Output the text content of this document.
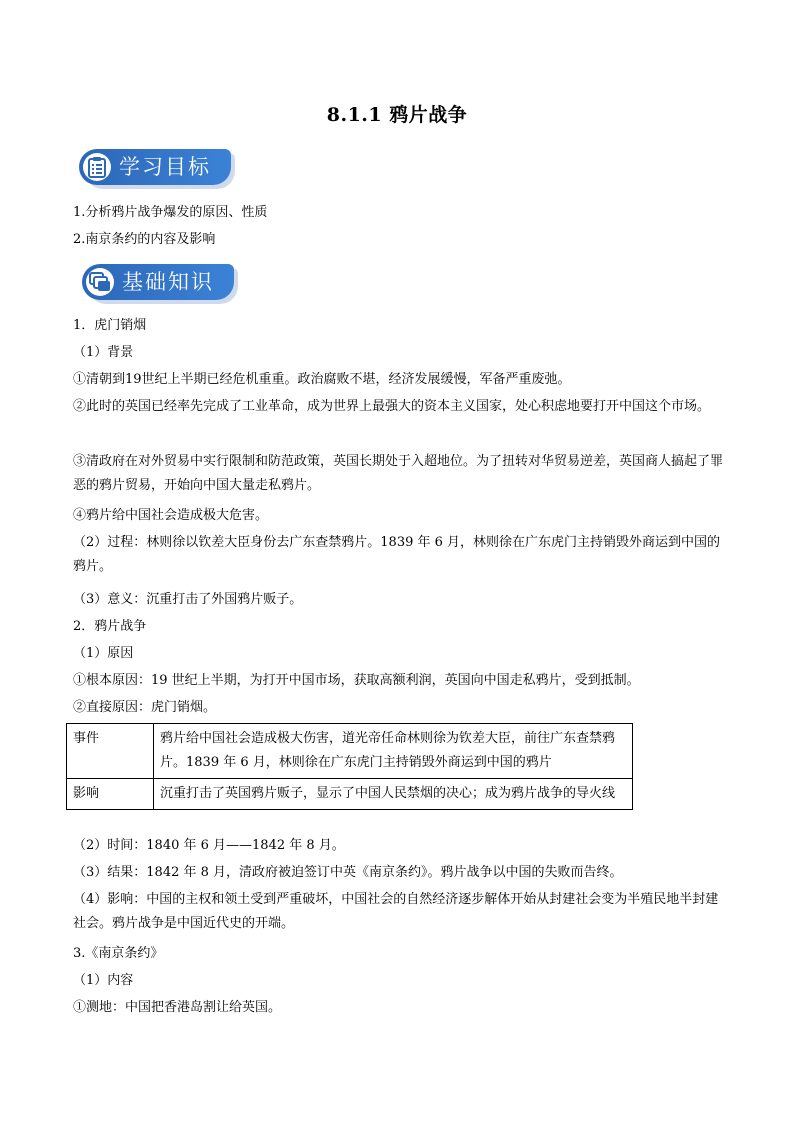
8.1.1 鸦片战争
学习目标
1.分析鸦片战争爆发的原因、性质
2.南京条约的内容及影响
基础知识
1．虎门销烟
（1）背景
①清朝到19世纪上半期已经危机重重。政治腐败不堪，经济发展缓慢，军备严重废弛。
②此时的英国已经率先完成了工业革命，成为世界上最强大的资本主义国家，处心积虑地要打开中国这个市场。
③清政府在对外贸易中实行限制和防范政策，英国长期处于入超地位。为了扭转对华贸易逆差，英国商人搞起了罪恶的鸦片贸易，开始向中国大量走私鸦片。
④鸦片给中国社会造成极大危害。
（2）过程：林则徐以钦差大臣身份去广东查禁鸦片。1839 年 6 月，林则徐在广东虎门主持销毁外商运到中国的鸦片。
（3）意义：沉重打击了外国鸦片贩子。
2．鸦片战争
（1）原因
①根本原因：19 世纪上半期，为打开中国市场，获取高额利润，英国向中国走私鸦片，受到抵制。
②直接原因：虎门销烟。
事件	鸦片给中国社会造成极大伤害，道光帝任命林则徐为钦差大臣，前往广东查禁鸦片。1839 年 6 月，林则徐在广东虎门主持销毁外商运到中国的鸦片
影响	沉重打击了英国鸦片贩子，显示了中国人民禁烟的决心；成为鸦片战争的导火线
（2）时间：1840 年 6 月——1842 年 8 月。
（3）结果：1842 年 8 月，清政府被迫签订中英《南京条约》。鸦片战争以中国的失败而告终。
（4）影响：中国的主权和领土受到严重破坏，中国社会的自然经济逐步解体开始从封建社会变为半殖民地半封建社会。鸦片战争是中国近代史的开端。
3.《南京条约》
（1）内容
①测地：中国把香港岛割让给英国。
